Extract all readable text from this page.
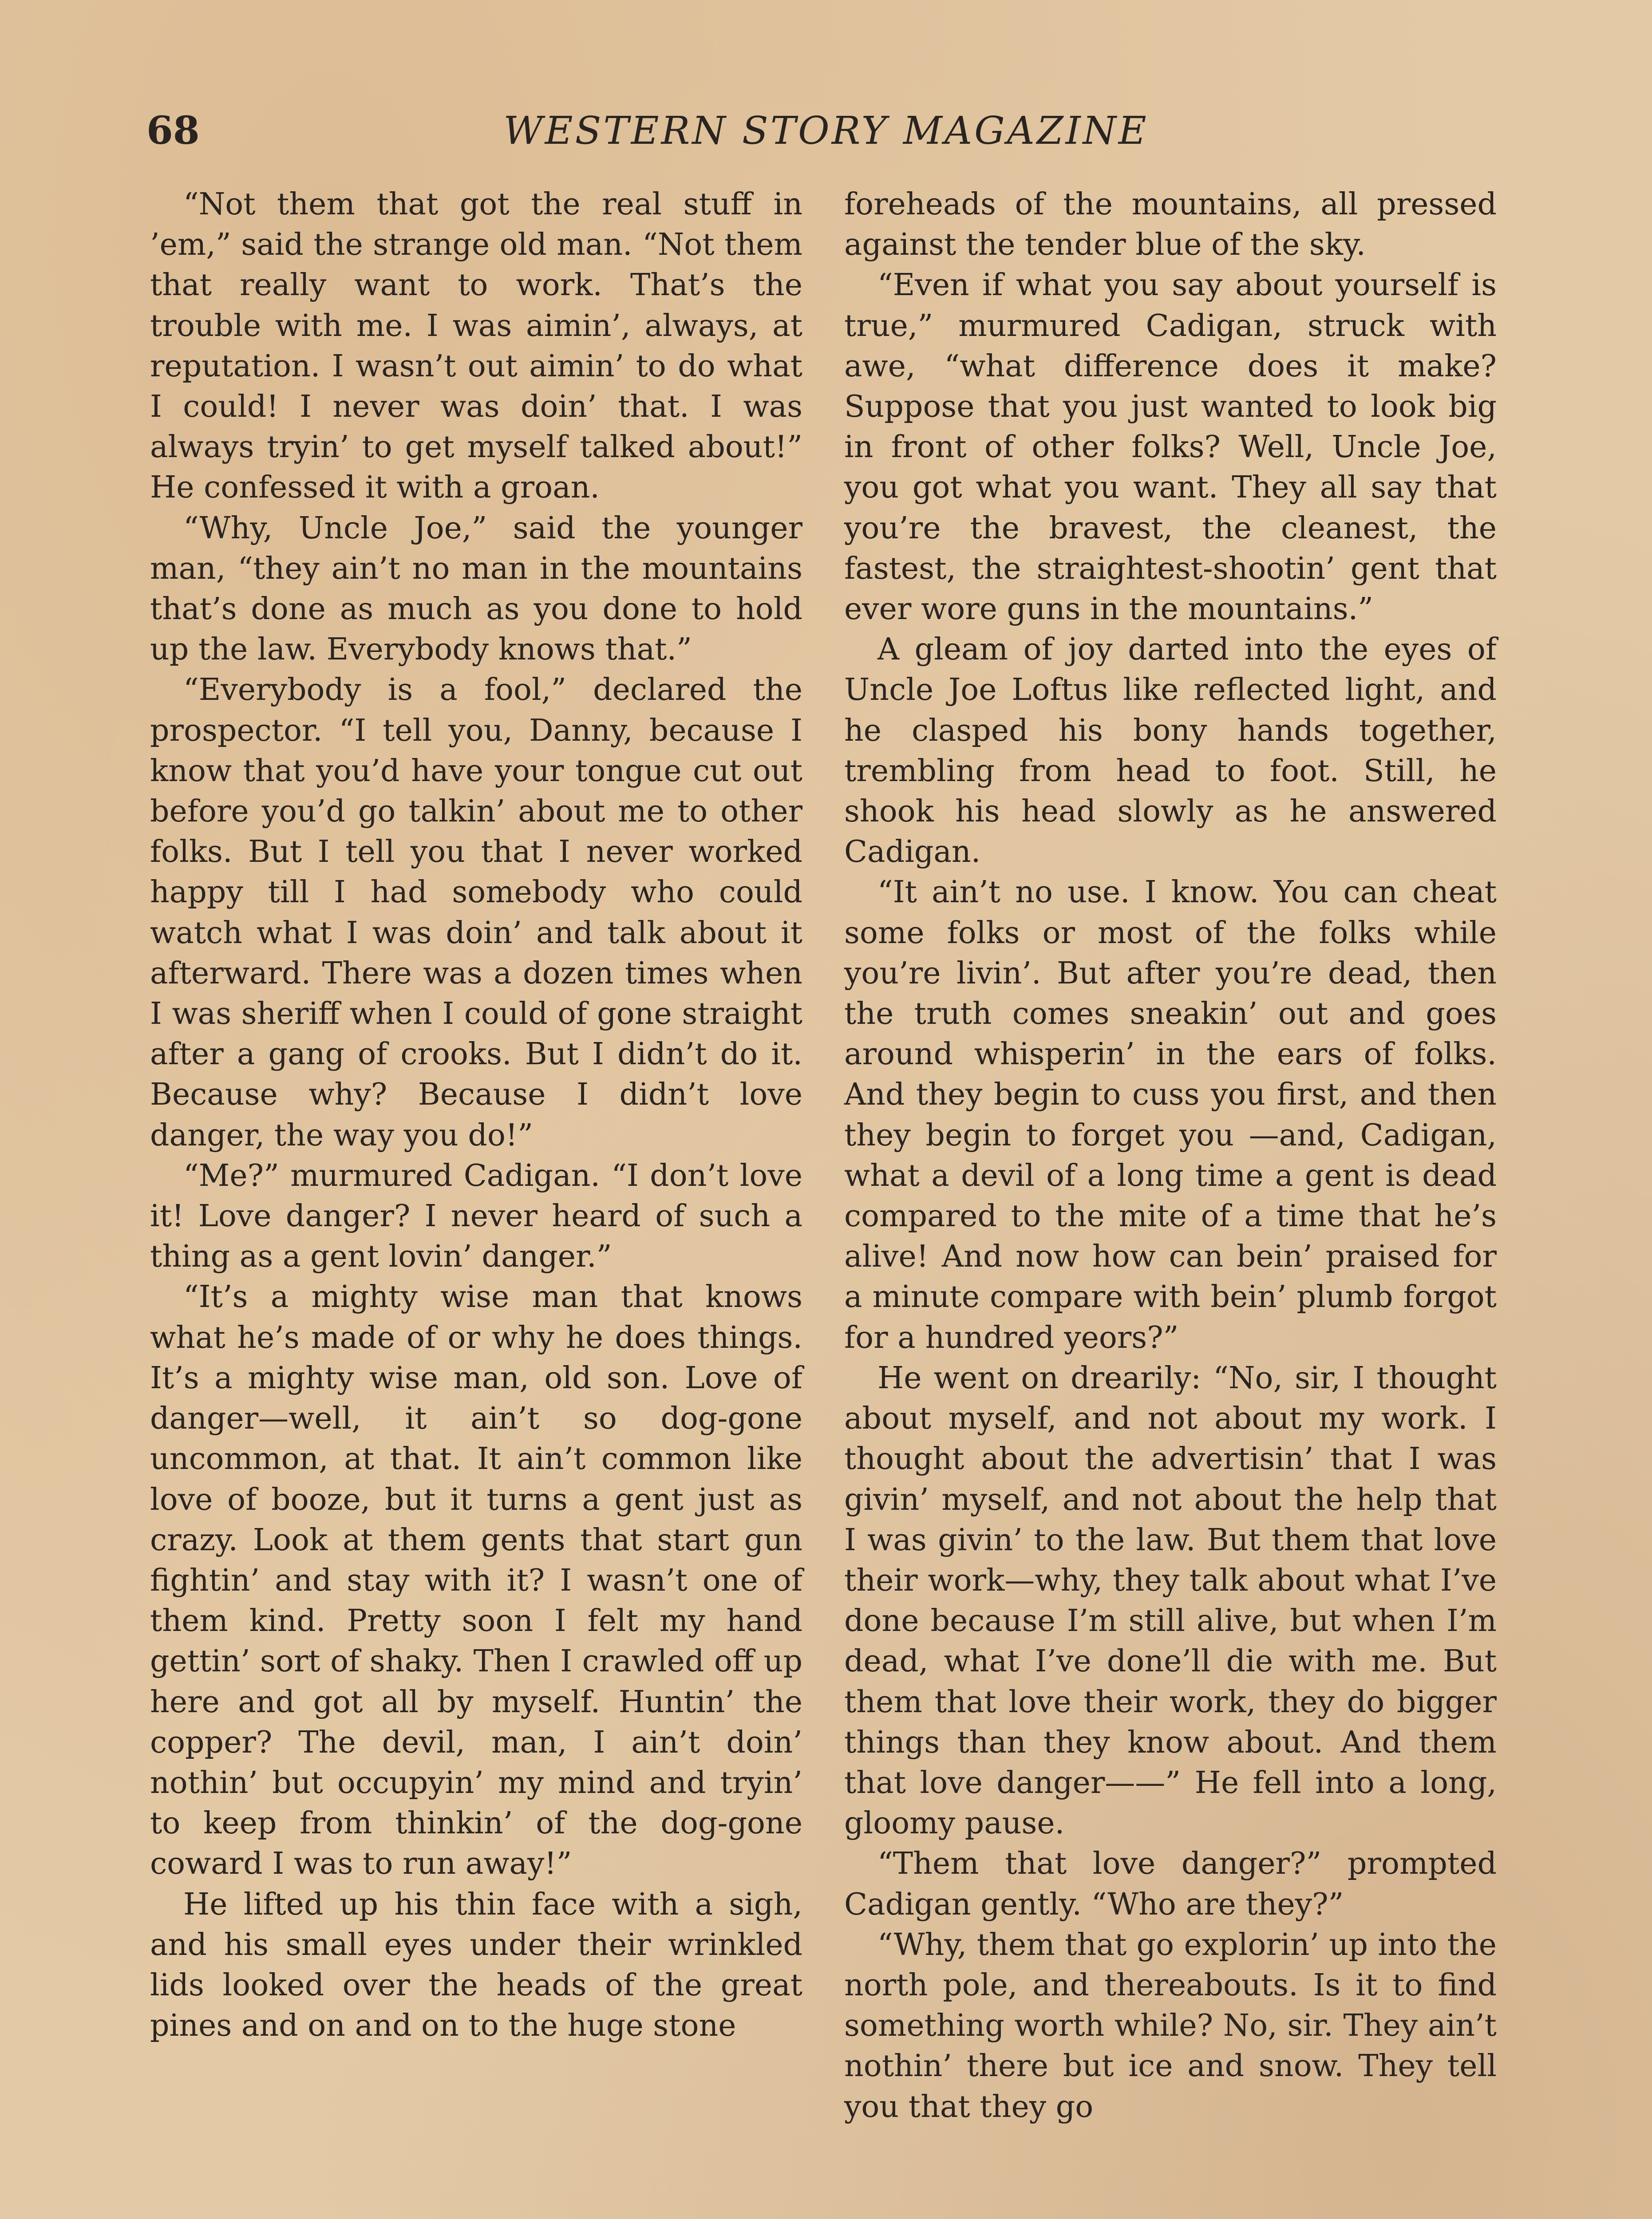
68	WESTERN STORY MAGAZINE

“Not them that got the real stuff in ’em,” said the strange old man. “Not them that really want to work. That’s the trouble with me. I was aimin’, always, at reputation. I wasn’t out aimin’ to do what I could! I never was doin’ that. I was always tryin’ to get myself talked about!” He confessed it with a groan.

“Why, Uncle Joe,” said the younger man, “they ain’t no man in the mountains that’s done as much as you done to hold up the law. Everybody knows that.”

“Everybody is a fool,” declared the prospector. “I tell you, Danny, because I know that you’d have your tongue cut out before you’d go talkin’ about me to other folks. But I tell you that I never worked happy till I had somebody who could watch what I was doin’ and talk about it afterward. There was a dozen times when I was sheriff when I could of gone straight after a gang of crooks. But I didn’t do it. Because why? Because I didn’t love danger, the way you do!”

“Me?” murmured Cadigan. “I don’t love it! Love danger? I never heard of such a thing as a gent lovin’ danger.”

“It’s a mighty wise man that knows what he’s made of or why he does things. It’s a mighty wise man, old son. Love of danger—well, it ain’t so dog-gone uncommon, at that. It ain’t common like love of booze, but it turns a gent just as crazy. Look at them gents that start gun fightin’ and stay with it? I wasn’t one of them kind. Pretty soon I felt my hand gettin’ sort of shaky. Then I crawled off up here and got all by myself. Huntin’ the copper? The devil, man, I ain’t doin’ nothin’ but occupyin’ my mind and tryin’ to keep from thinkin’ of the dog-gone coward I was to run away!”

He lifted up his thin face with a sigh, and his small eyes under their wrinkled lids looked over the heads of the great pines and on and on to the huge stone

foreheads of the mountains, all pressed against the tender blue of the sky.

“Even if what you say about yourself is true,” murmured Cadigan, struck with awe, “what difference does it make? Suppose that you just wanted to look big in front of other folks? Well, Uncle Joe, you got what you want. They all say that you’re the bravest, the cleanest, the fastest, the straightest-shootin’ gent that ever wore guns in the mountains.”

A gleam of joy darted into the eyes of Uncle Joe Loftus like reflected light, and he clasped his bony hands together, trembling from head to foot. Still, he shook his head slowly as he answered Cadigan.

“It ain’t no use. I know. You can cheat some folks or most of the folks while you’re livin’. But after you’re dead, then the truth comes sneakin’ out and goes around whisperin’ in the ears of folks. And they begin to cuss you first, and then they begin to forget you —and, Cadigan, what a devil of a long time a gent is dead compared to the mite of a time that he’s alive! And now how can bein’ praised for a minute compare with bein’ plumb forgot for a hundred yeors?”

He went on drearily: “No, sir, I thought about myself, and not about my work. I thought about the advertisin’ that I was givin’ myself, and not about the help that I was givin’ to the law. But them that love their work—why, they talk about what I’ve done because I’m still alive, but when I’m dead, what I’ve done’ll die with me. But them that love their work, they do bigger things than they know about. And them that love danger——” He fell into a long, gloomy pause.

“Them that love danger?” prompted Cadigan gently. “Who are they?”

“Why, them that go explorin’ up into the north pole, and thereabouts. Is it to find something worth while? No, sir. They ain’t nothin’ there but ice and snow. They tell you that they go
